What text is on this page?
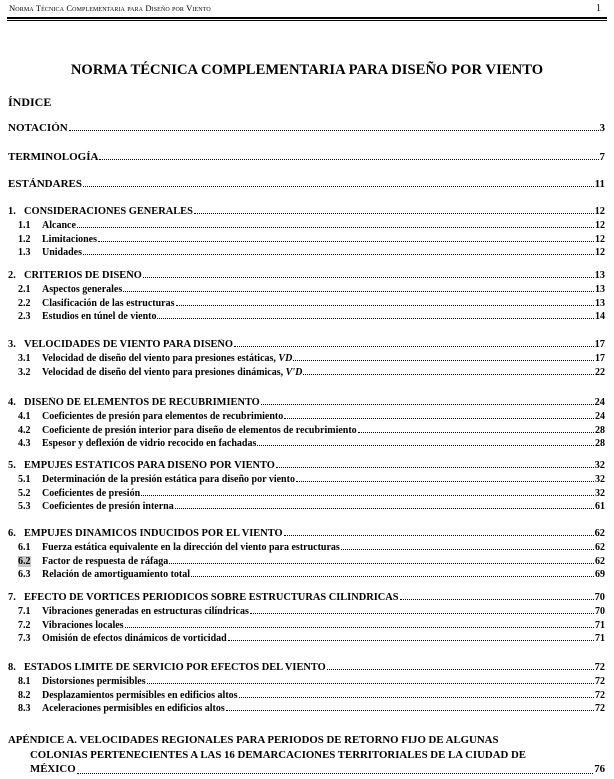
Norma Técnica Complementaria para Diseño por Viento	1
NORMA TÉCNICA COMPLEMENTARIA PARA DISEÑO POR VIENTO
ÍNDICE
NOTACIÓN	3
TERMINOLOGÍA	7
ESTÁNDARES	11
1. CONSIDERACIONES GENERALES	12
1.1	Alcance	12
1.2	Limitaciones	12
1.3	Unidades	12
2. CRITERIOS DE DISEÑO	13
2.1	Aspectos generales	13
2.2	Clasificación de las estructuras	13
2.3	Estudios en túnel de viento	14
3. VELOCIDADES DE VIENTO PARA DISEÑO	17
3.1	Velocidad de diseño del viento para presiones estáticas, VD	17
3.2	Velocidad de diseño del viento para presiones dinámicas, V'D	22
4. DISEÑO DE ELEMENTOS DE RECUBRIMIENTO	24
4.1	Coeficientes de presión para elementos de recubrimiento	24
4.2	Coeficiente de presión interior para diseño de elementos de recubrimiento	28
4.3	Espesor y deflexión de vidrio recocido en fachadas	28
5. EMPUJES ESTÁTICOS PARA DISEÑO POR VIENTO	32
5.1	Determinación de la presión estática para diseño por viento	32
5.2	Coeficientes de presión	32
5.3	Coeficientes de presión interna	61
6. EMPUJES DINÁMICOS INDUCIDOS POR EL VIENTO	62
6.1	Fuerza estática equivalente en la dirección del viento para estructuras	62
6.2	Factor de respuesta de ráfaga	62
6.3	Relación de amortiguamiento total	69
7. EFECTO DE VÓRTICES PERIÓDICOS SOBRE ESTRUCTURAS CILÍNDRICAS	70
7.1	Vibraciones generadas en estructuras cilíndricas	70
7.2	Vibraciones locales	71
7.3	Omisión de efectos dinámicos de vorticidad	71
8. ESTADOS LÍMITE DE SERVICIO POR EFECTOS DEL VIENTO	72
8.1	Distorsiones permisibles	72
8.2	Desplazamientos permisibles en edificios altos	72
8.3	Aceleraciones permisibles en edificios altos	72
APÉNDICE A. VELOCIDADES REGIONALES PARA PERIODOS DE RETORNO FIJO DE ALGUNAS
COLONIAS PERTENECIENTES A LAS 16 DEMARCACIONES TERRITORIALES DE LA CIUDAD DE
MÉXICO	76
